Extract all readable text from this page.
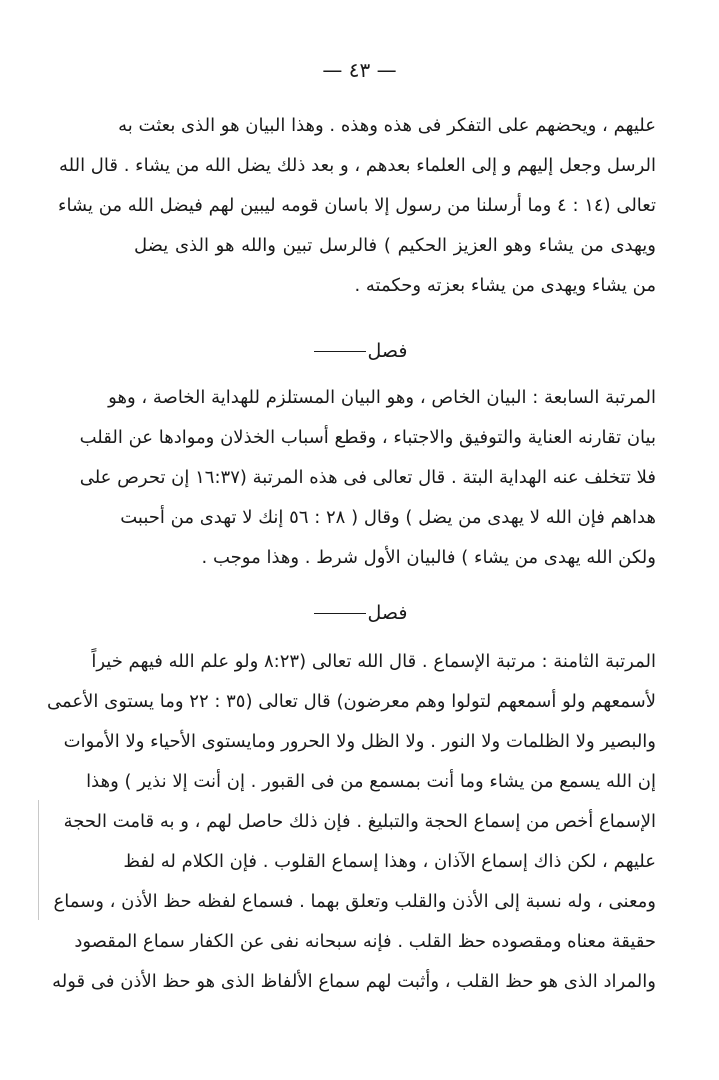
— ٤٣ —
عليهم ، ويحضهم على التفكر فى هذه وهذه . وهذا البيان هو الذى بعثت به
الرسل وجعل إليهم و إلى العلماء بعدهم ، و بعد ذلك يضل الله من يشاء . قال الله
تعالى (١٤ : ٤ وما أرسلنا من رسول إلا باسان قومه ليبين لهم فيضل الله من يشاء
ويهدى من يشاء وهو العزيز الحكيم ) فالرسل تبين والله هو الذى يضل
من يشاء ويهدى من يشاء بعزته وحكمته .
فصل
المرتبة السابعة : البيان الخاص ، وهو البيان المستلزم للهداية الخاصة ، وهو
بيان تقارنه العناية والتوفيق والاجتباء ، وقطع أسباب الخذلان وموادها عن القلب
فلا تتخلف عنه الهداية البتة . قال تعالى فى هذه المرتبة (١٦:٣٧ إن تحرص على
هداهم فإن الله لا يهدى من يضل ) وقال ( ٢٨ : ٥٦ إنك لا تهدى من أحببت
ولكن الله يهدى من يشاء ) فالبيان الأول شرط . وهذا موجب .
فصل
المرتبة الثامنة : مرتبة الإسماع . قال الله تعالى (٨:٢٣ ولو علم الله فيهم خيراً
لأسمعهم ولو أسمعهم لتولوا وهم معرضون) قال تعالى (٣٥ : ٢٢ وما يستوى الأعمى
والبصير ولا الظلمات ولا النور . ولا الظل ولا الحرور ومايستوى الأحياء ولا الأموات
إن الله يسمع من يشاء وما أنت بمسمع من فى القبور . إن أنت إلا نذير ) وهذا
الإسماع أخص من إسماع الحجة والتبليغ . فإن ذلك حاصل لهم ، و به قامت الحجة
عليهم ، لكن ذاك إسماع الآذان ، وهذا إسماع القلوب . فإن الكلام له لفظ
ومعنى ، وله نسبة إلى الأذن والقلب وتعلق بهما . فسماع لفظه حظ الأذن ، وسماع
حقيقة معناه ومقصوده حظ القلب . فإنه سبحانه نفى عن الكفار سماع المقصود
والمراد الذى هو حظ القلب ، وأثبت لهم سماع الألفاظ الذى هو حظ الأذن فى قوله
